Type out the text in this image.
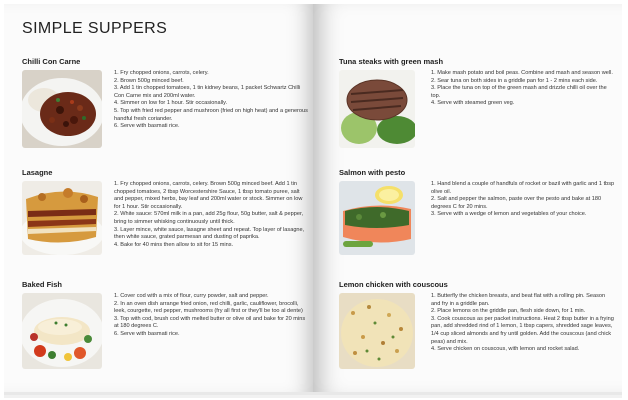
SIMPLE SUPPERS
Chilli Con Carne
1. Fry chopped onions, carrots, celery.
2. Brown 500g minced beef.
3. Add 1 tin chopped tomatoes, 1 tin kidney beans, 1 packet Schwartz Chilli Con Carne mix and 200ml water.
4. Simmer on low for 1 hour. Stir occasionally.
5. Top with fried red pepper and mushroon (fried on high heat) and a generous handful fresh coriander.
6. Serve with basmati rice.
Lasagne
1. Fry chopped onions, carrots, celery. Brown 500g minced beef. Add 1 tin chopped tomatoes, 2 tbsp Worcestershire Sauce, 1 tbsp tomato puree, salt and pepper, mixed herbs, bay leaf and 200ml water or stock. Simmer on low for 1 hour. Stir occasionally.
2. White sauce: 570ml milk in a pan, add 25g flour, 50g butter, salt & pepper, bring to simmer whisking continuously until thick.
3. Layer mince, white sauce, lasagne sheet and repeat. Top layer of lasagne, then white sauce, grated parmesan and dusting of paprika.
4. Bake for 40 mins then allow to sit for 15 mins.
Baked Fish
1. Cover cod with a mix of flour, curry powder, salt and pepper.
2. In an oven dish arrange fried onion, red chilli, garlic, cauliflower, brocolli, leek, courgette, red pepper, mushrooms (fry all first or they'll be too al dente)
3. Top with cod, brush cod with melted butter or olive oil and bake for 20 mins at 180 degrees C.
6. Serve with basmati rice.
Tuna steaks with green mash
1. Make mash potato and boil peas. Combine and mash and season well.
2. Sear tuna on both sides in a griddle pan for 1 - 2 mins each side.
3. Place the tuna on top of the green mash and drizzle chilli oil over the top.
4. Serve with steamed green veg.
Salmon with pesto
1. Hand blend a couple of handfuls of rocket or bazil with garlic and 1 tbsp olive oil.
2. Salt and pepper the salmon, paste over the pesto and bake at 180 degrees C for 20 mins.
3. Serve with a wedge of lemon and vegetables of your choice.
Lemon chicken with couscous
1. Butterfly the chicken breasts, and beat flat with a rolling pin. Season and fry in a griddle pan.
2. Place lemons on the griddle pan, flesh side down, for 1 min.
3. Cook couscous as per packet instructions. Heat 2 tbsp butter in a frying pan, add shredded rind of 1 lemon, 1 tbsp capers, shredded sage leaves, 1/4 cup sliced almonds and fry until golden. Add the couscous (and chick peas) and mix.
4. Serve chicken on couscous, with lemon and rocket salad.
